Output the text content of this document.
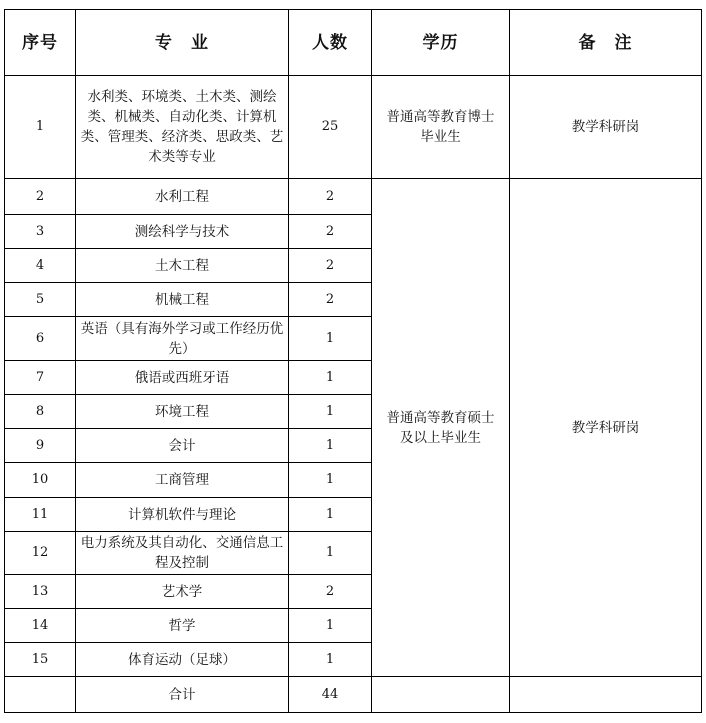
序号	专　业	人数	学历	备　注
1	水利类、环境类、土木类、测绘类、机械类、自动化类、计算机类、管理类、经济类、思政类、艺术类等专业	25	普通高等教育博士毕业生	教学科研岗
2	水利工程	2	普通高等教育硕士及以上毕业生	教学科研岗
3	测绘科学与技术	2		
4	土木工程	2		
5	机械工程	2		
6	英语（具有海外学习或工作经历优先）	1		
7	俄语或西班牙语	1		
8	环境工程	1		
9	会计	1		
10	工商管理	1		
11	计算机软件与理论	1		
12	电力系统及其自动化、交通信息工程及控制	1		
13	艺术学	2		
14	哲学	1		
15	体育运动（足球）	1		
	合计	44		
